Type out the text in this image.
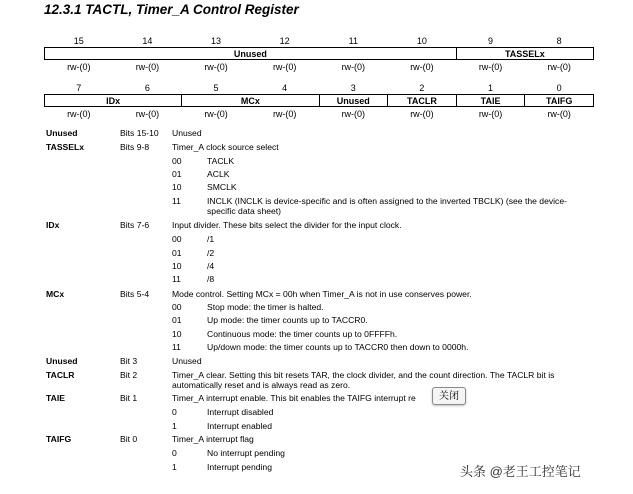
12.3.1 TACTL, Timer_A Control Register
15	14	13	12	11	10	9	8
Unused						TASSELx	
rw-(0)	rw-(0)	rw-(0)	rw-(0)	rw-(0)	rw-(0)	rw-(0)	rw-(0)
7	6	5	4	3	2	1	0
IDx		MCx		Unused	TACLR	TAIE	TAIFG
rw-(0)	rw-(0)	rw-(0)	rw-(0)	rw-(0)	rw-(0)	rw-(0)	rw-(0)
Unused	Bits 15-10 Unused
TASSELx	Bits 9-8	Timer_A clock source select
00	TACLK
01	ACLK
10	SMCLK
11	INCLK (INCLK is device-specific and is often assigned to the inverted TBCLK) (see the device-specific data sheet)
IDx	Bits 7-6	Input divider. These bits select the divider for the input clock.
00	/1
01	/2
10	/4
11	/8
MCx	Bits 5-4	Mode control. Setting MCx = 00h when Timer_A is not in use conserves power.
00	Stop mode: the timer is halted.
01	Up mode: the timer counts up to TACCR0.
10	Continuous mode: the timer counts up to 0FFFFh.
11	Up/down mode: the timer counts up to TACCR0 then down to 0000h.
Unused	Bit 3	Unused
TACLR	Bit 2	Timer_A clear. Setting this bit resets TAR, the clock divider, and the count direction. The TACLR bit is automatically reset and is always read as zero.
TAIE	Bit 1	Timer_A interrupt enable. This bit enables the TAIFG interrupt re
0	Interrupt disabled
1	Interrupt enabled
TAIFG	Bit 0	Timer_A interrupt flag
0	No interrupt pending
1	Interrupt pending
关闭
头条 @老王工控笔记
